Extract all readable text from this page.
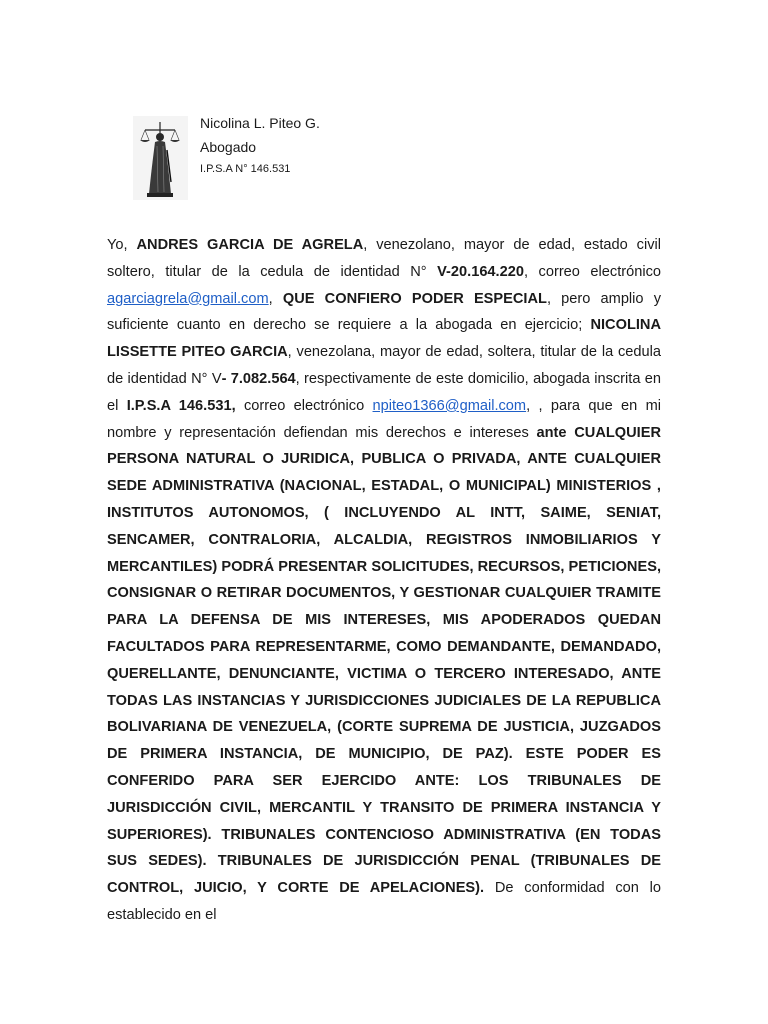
Nicolina L. Piteo G.
Abogado
I.P.S.A N° 146.531
Yo, ANDRES GARCIA DE AGRELA, venezolano, mayor de edad, estado civil soltero, titular de la cedula de identidad N° V-20.164.220, correo electrónico agarciagrela@gmail.com, QUE CONFIERO PODER ESPECIAL, pero amplio y suficiente cuanto en derecho se requiere a la abogada en ejercicio; NICOLINA LISSETTE PITEO GARCIA, venezolana, mayor de edad, soltera, titular de la cedula de identidad N° V- 7.082.564, respectivamente de este domicilio, abogada inscrita en el I.P.S.A 146.531, correo electrónico npiteo1366@gmail.com, , para que en mi nombre y representación defiendan mis derechos e intereses ante CUALQUIER PERSONA NATURAL O JURIDICA, PUBLICA O PRIVADA, ANTE CUALQUIER SEDE ADMINISTRATIVA (NACIONAL, ESTADAL, O MUNICIPAL) MINISTERIOS , INSTITUTOS AUTONOMOS, ( INCLUYENDO AL INTT, SAIME, SENIAT, SENCAMER, CONTRALORIA, ALCALDIA, REGISTROS INMOBILIARIOS Y MERCANTILES) PODRÁ PRESENTAR SOLICITUDES, RECURSOS, PETICIONES, CONSIGNAR O RETIRAR DOCUMENTOS, Y GESTIONAR CUALQUIER TRAMITE PARA LA DEFENSA DE MIS INTERESES, MIS APODERADOS QUEDAN FACULTADOS PARA REPRESENTARME, COMO DEMANDANTE, DEMANDADO, QUERELLANTE, DENUNCIANTE, VICTIMA O TERCERO INTERESADO, ANTE TODAS LAS INSTANCIAS Y JURISDICCIONES JUDICIALES DE LA REPUBLICA BOLIVARIANA DE VENEZUELA, (CORTE SUPREMA DE JUSTICIA, JUZGADOS DE PRIMERA INSTANCIA, DE MUNICIPIO, DE PAZ). ESTE PODER ES CONFERIDO PARA SER EJERCIDO ANTE: LOS TRIBUNALES DE JURISDICCIÓN CIVIL, MERCANTIL Y TRANSITO DE PRIMERA INSTANCIA Y SUPERIORES). TRIBUNALES CONTENCIOSO ADMINISTRATIVA (EN TODAS SUS SEDES). TRIBUNALES DE JURISDICCIÓN PENAL (TRIBUNALES DE CONTROL, JUICIO, Y CORTE DE APELACIONES). De conformidad con lo establecido en el
